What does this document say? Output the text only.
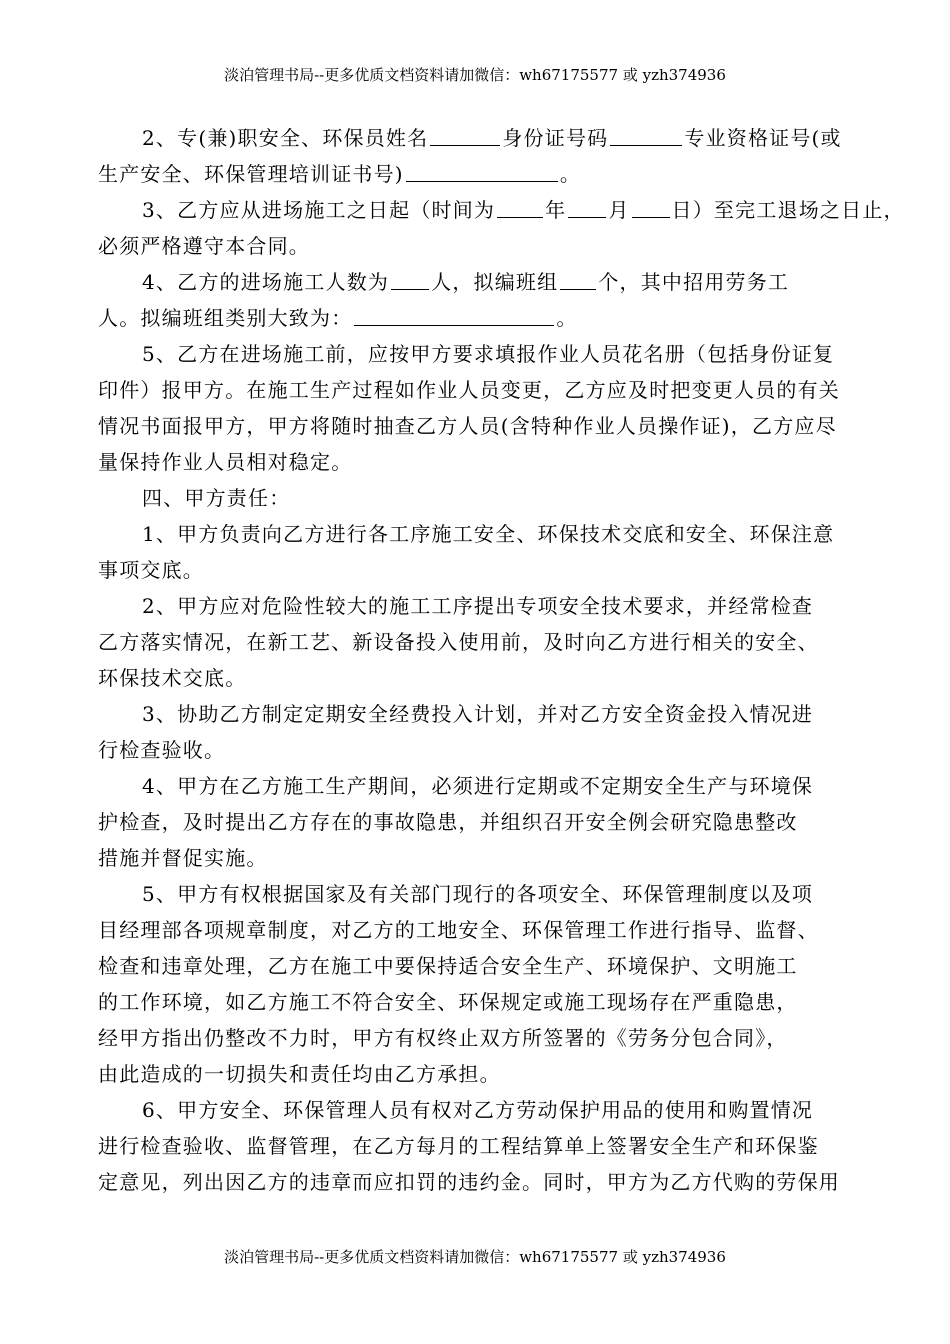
淡泊管理书局--更多优质文档资料请加微信：wh67175577 或 yzh374936
2、专(兼)职安全、环保员姓名	身份证号码	专业资格证号(或
生产安全、环保管理培训证书号)	。
3、乙方应从进场施工之日起（时间为	年 月 日）至完工退场之日止，
必须严格遵守本合同。
4、乙方的进场施工人数为 人，拟编班组 个，其中招用劳务工
人。拟编班组类别大致为：	。
5、乙方在进场施工前，应按甲方要求填报作业人员花名册（包括身份证复
印件）报甲方。在施工生产过程如作业人员变更，乙方应及时把变更人员的有关
情况书面报甲方，甲方将随时抽查乙方人员(含特种作业人员操作证)，乙方应尽
量保持作业人员相对稳定。
四、甲方责任：
1、甲方负责向乙方进行各工序施工安全、环保技术交底和安全、环保注意
事项交底。
2、甲方应对危险性较大的施工工序提出专项安全技术要求，并经常检查
乙方落实情况，在新工艺、新设备投入使用前，及时向乙方进行相关的安全、
环保技术交底。
3、协助乙方制定定期安全经费投入计划，并对乙方安全资金投入情况进
行检查验收。
4、甲方在乙方施工生产期间，必须进行定期或不定期安全生产与环境保
护检查，及时提出乙方存在的事故隐患，并组织召开安全例会研究隐患整改
措施并督促实施。
5、甲方有权根据国家及有关部门现行的各项安全、环保管理制度以及项
目经理部各项规章制度，对乙方的工地安全、环保管理工作进行指导、监督、
检查和违章处理，乙方在施工中要保持适合安全生产、环境保护、文明施工
的工作环境，如乙方施工不符合安全、环保规定或施工现场存在严重隐患，
经甲方指出仍整改不力时，甲方有权终止双方所签署的《劳务分包合同》，
由此造成的一切损失和责任均由乙方承担。
6、甲方安全、环保管理人员有权对乙方劳动保护用品的使用和购置情况
进行检查验收、监督管理，在乙方每月的工程结算单上签署安全生产和环保鉴
定意见，列出因乙方的违章而应扣罚的违约金。同时，甲方为乙方代购的劳保用
淡泊管理书局--更多优质文档资料请加微信：wh67175577 或 yzh374936
